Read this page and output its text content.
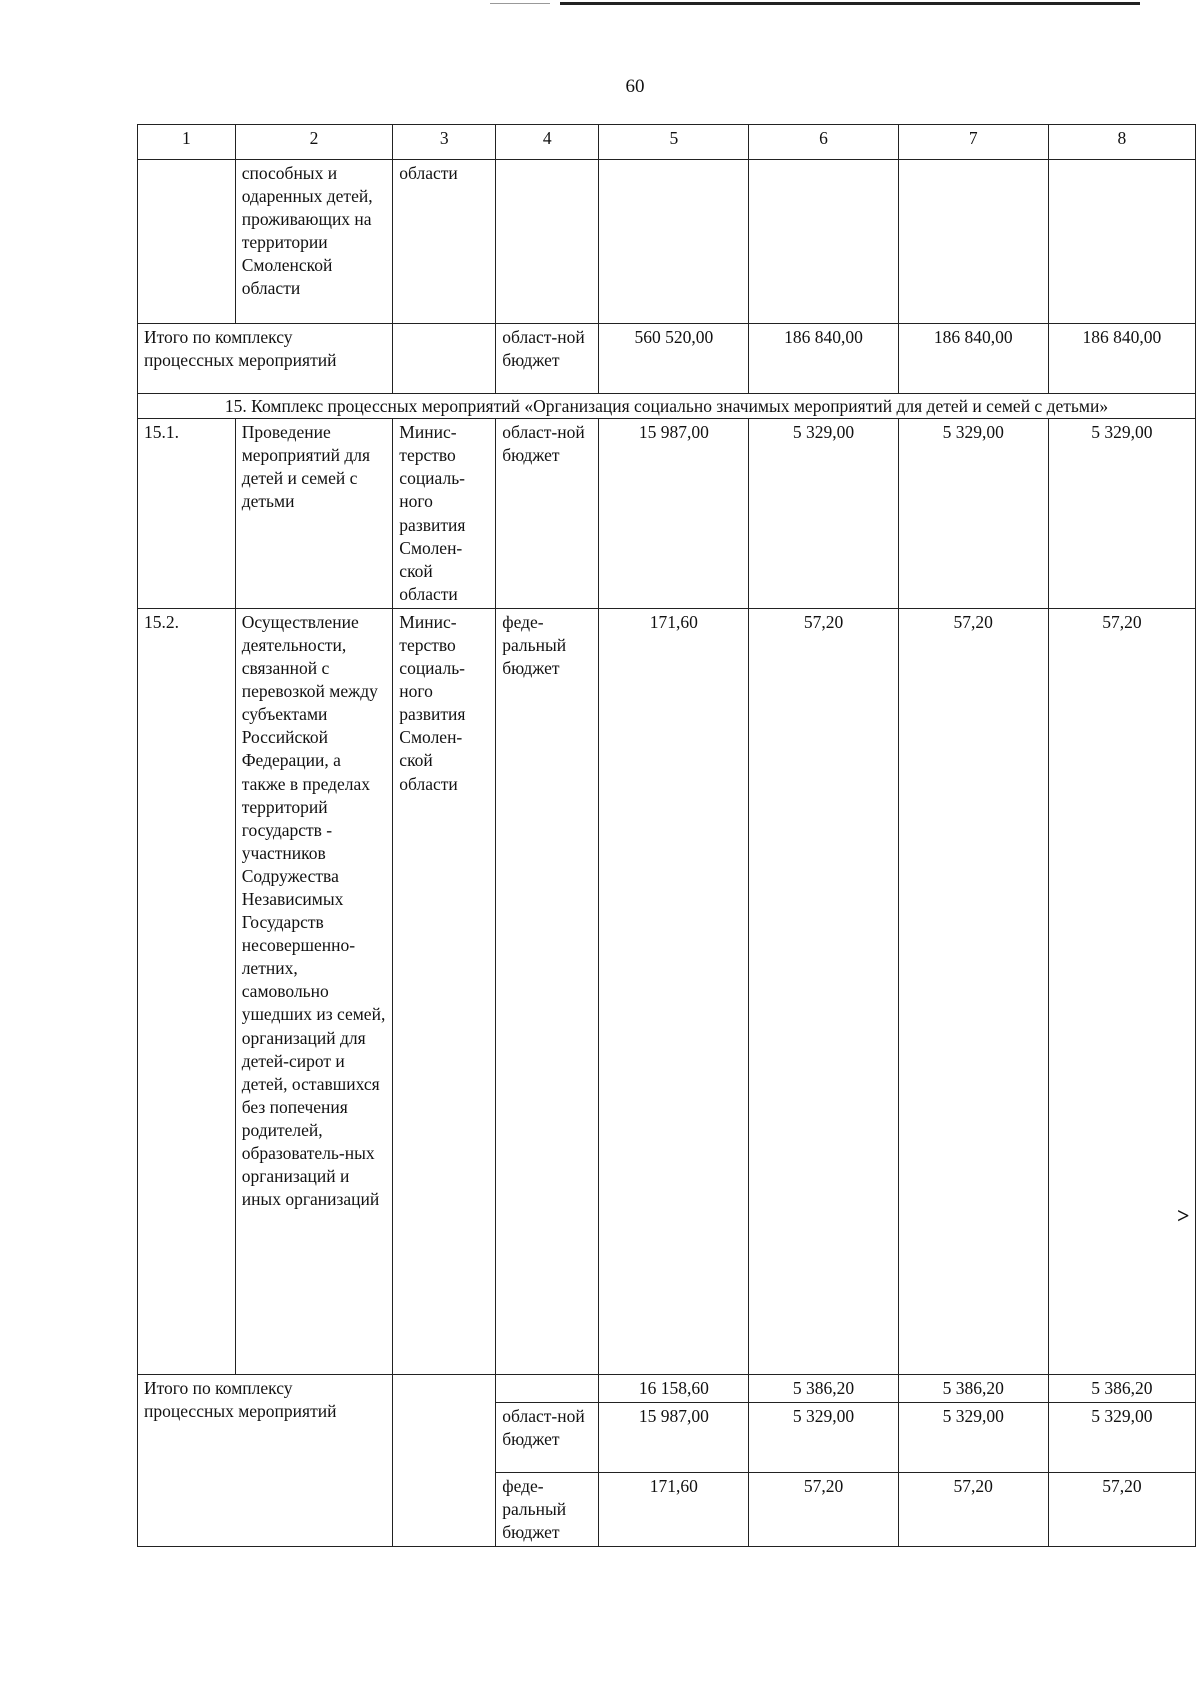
60
1	2	3	4	5	6	7	8
	способных и одаренных детей, проживающих на территории Смоленской области	области					
Итого по комплексу процессных мероприятий			област-ной бюджет	560 520,00	186 840,00	186 840,00	186 840,00
15. Комплекс процессных мероприятий «Организация социально значимых мероприятий для детей и семей с детьми»							
15.1.	Проведение мероприятий для детей и семей с детьми	Минис-терство социаль-ного развития Смолен-ской области	област-ной бюджет	15 987,00	5 329,00	5 329,00	5 329,00
15.2.	Осуществление деятельности, связанной с перевозкой между субъектами Российской Федерации, а также в пределах территорий государств - участников Содружества Независимых Государств несовершенно-летних, самовольно ушедших из семей, организаций для детей-сирот и детей, оставшихся без попечения родителей, образователь-ных организаций и иных организаций	Минис-терство социаль-ного развития Смолен-ской области	феде-ральный бюджет	171,60	57,20	57,20	57,20
Итого по комплексу процессных мероприятий				16 158,60	5 386,20	5 386,20	5 386,20
			област-ной бюджет	15 987,00	5 329,00	5 329,00	5 329,00
			феде-ральный бюджет	171,60	57,20	57,20	57,20
>
